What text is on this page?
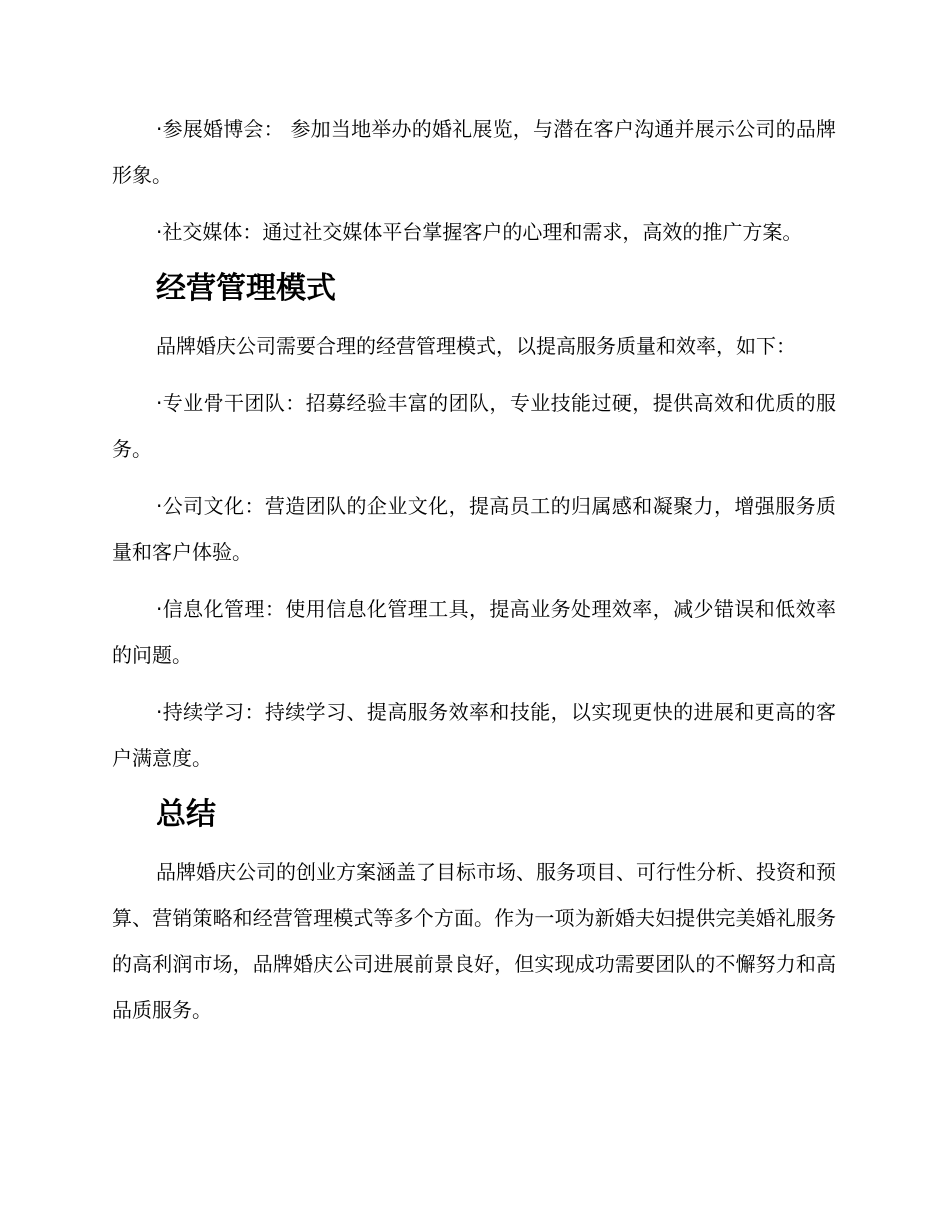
·参展婚博会： 参加当地举办的婚礼展览，与潜在客户沟通并展示公司的品牌形象。

·社交媒体：通过社交媒体平台掌握客户的心理和需求，高效的推广方案。

经营管理模式

品牌婚庆公司需要合理的经营管理模式，以提高服务质量和效率，如下：

·专业骨干团队：招募经验丰富的团队，专业技能过硬，提供高效和优质的服务。

·公司文化：营造团队的企业文化，提高员工的归属感和凝聚力，增强服务质量和客户体验。

·信息化管理：使用信息化管理工具，提高业务处理效率，减少错误和低效率的问题。

·持续学习：持续学习、提高服务效率和技能，以实现更快的进展和更高的客户满意度。

总结

品牌婚庆公司的创业方案涵盖了目标市场、服务项目、可行性分析、投资和预算、营销策略和经营管理模式等多个方面。作为一项为新婚夫妇提供完美婚礼服务的高利润市场，品牌婚庆公司进展前景良好，但实现成功需要团队的不懈努力和高品质服务。
